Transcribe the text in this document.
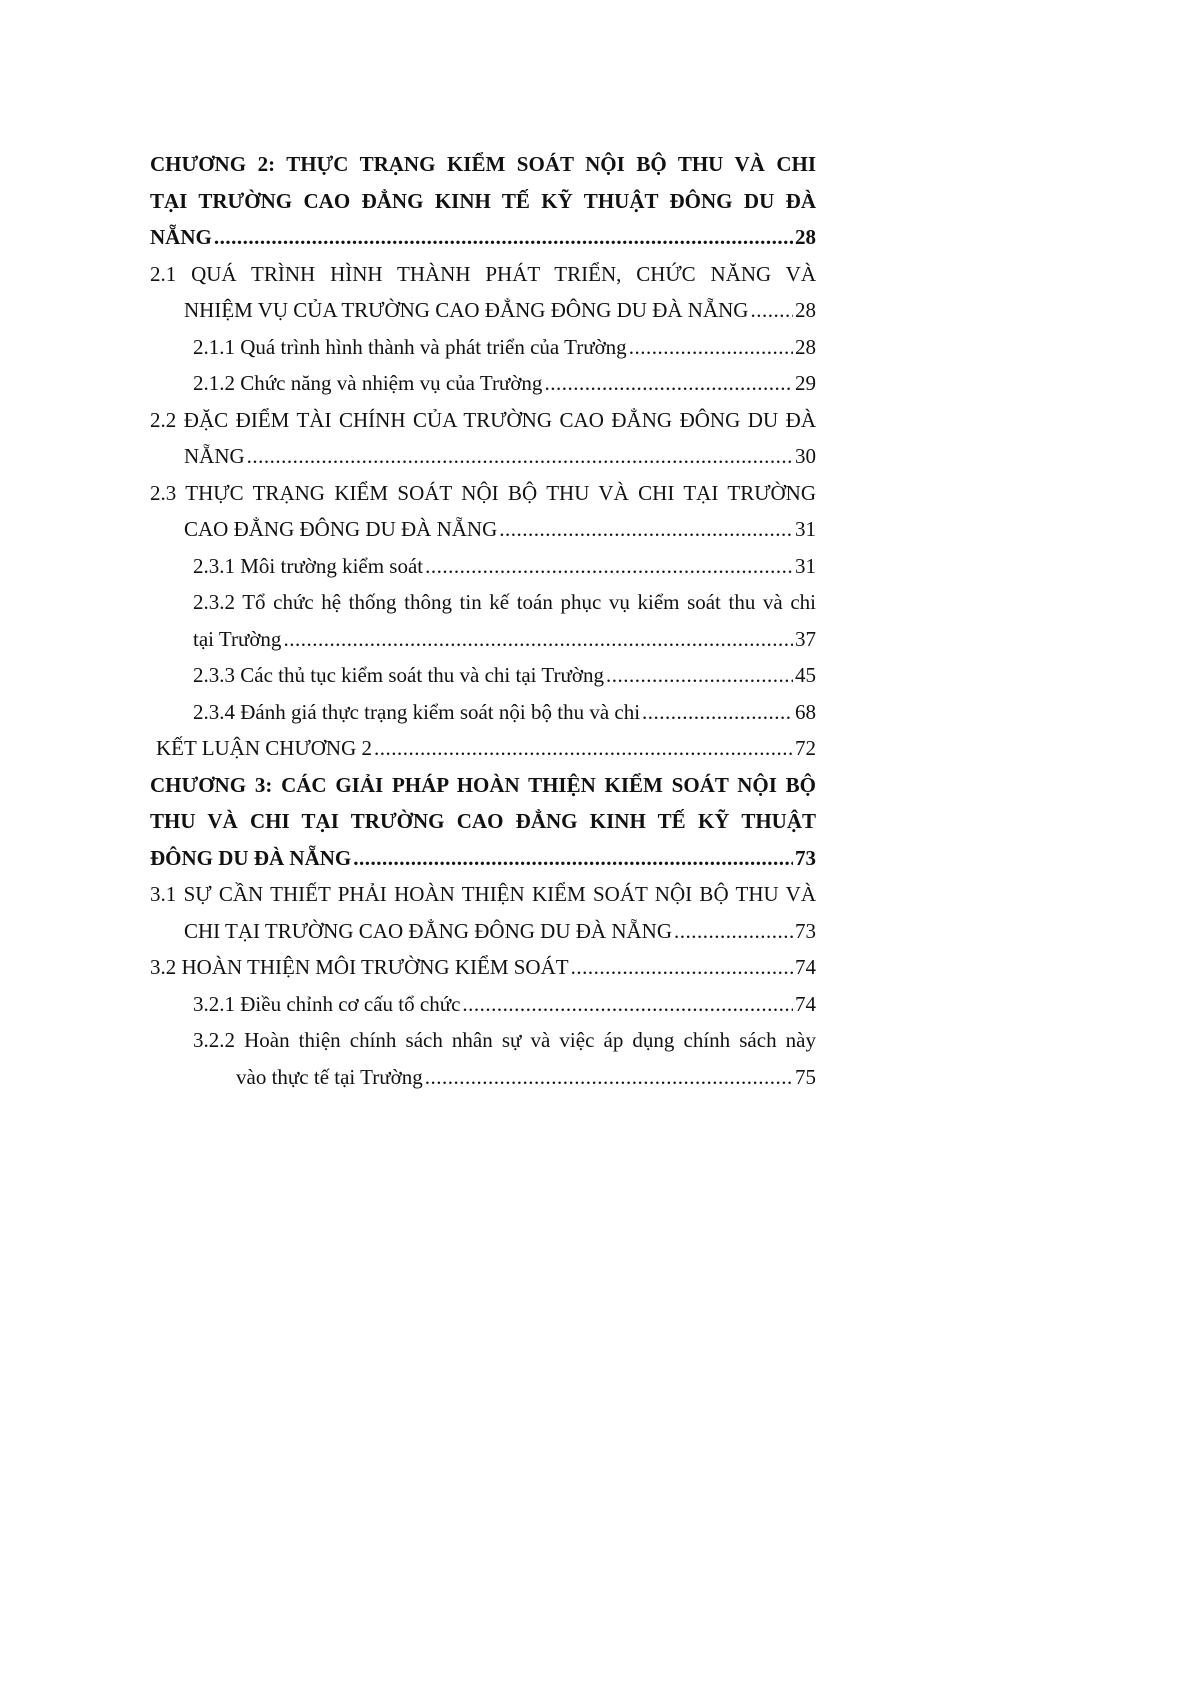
CHƯƠNG 2: THỰC TRẠNG KIỂM SOÁT NỘI BỘ THU VÀ CHI
TẠI TRƯỜNG CAO ĐẲNG KINH TẾ KỸ THUẬT ĐÔNG DU ĐÀ
NẴNG .....	28
2.1 QUÁ TRÌNH HÌNH THÀNH PHÁT TRIỂN, CHỨC NĂNG VÀ
NHIỆM VỤ CỦA TRƯỜNG CAO ĐẲNG ĐÔNG DU ĐÀ NẴNG ..... 28
2.1.1 Quá trình hình thành và phát triển của Trường .....	28
2.1.2 Chức năng và nhiệm vụ của Trường .....	29
2.2 ĐẶC ĐIỂM TÀI CHÍNH CỦA TRƯỜNG CAO ĐẲNG ĐÔNG DU ĐÀ
NẴNG .....	30
2.3 THỰC TRẠNG KIỂM SOÁT NỘI BỘ THU VÀ CHI TẠI TRƯỜNG
CAO ĐẲNG ĐÔNG DU ĐÀ NẴNG .....	31
2.3.1 Môi trường kiểm soát .....	31
2.3.2 Tổ chức hệ thống thông tin kế toán phục vụ kiểm soát thu và chi
tại Trường .....	37
2.3.3 Các thủ tục kiểm soát thu và chi tại Trường .....	45
2.3.4 Đánh giá thực trạng kiểm soát nội bộ thu và chi .....	68
KẾT LUẬN CHƯƠNG 2 .....	72
CHƯƠNG 3: CÁC GIẢI PHÁP HOÀN THIỆN KIỂM SOÁT NỘI BỘ
THU VÀ CHI TẠI TRƯỜNG CAO ĐẲNG KINH TẾ KỸ THUẬT
ĐÔNG DU ĐÀ NẴNG .....	73
3.1 SỰ CẦN THIẾT PHẢI HOÀN THIỆN KIỂM SOÁT NỘI BỘ THU VÀ
CHI TẠI TRƯỜNG CAO ĐẲNG ĐÔNG DU ĐÀ NẴNG .....	73
3.2 HOÀN THIỆN MÔI TRƯỜNG KIỂM SOÁT .....	74
3.2.1 Điều chỉnh cơ cấu tổ chức .....	74
3.2.2 Hoàn thiện chính sách nhân sự và việc áp dụng chính sách này
vào thực tế tại Trường .....	75
